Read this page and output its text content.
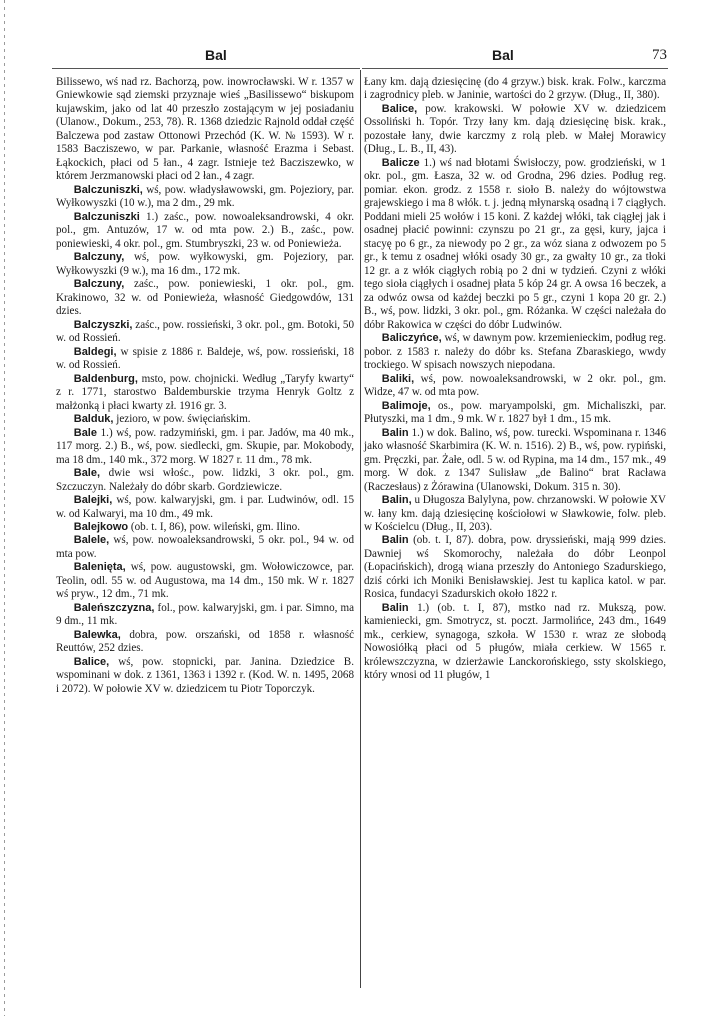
Bal	Bal	73

Bilissewo, wś nad rz. Bachorzą, pow. inowrocławski. W r. 1357 w Gniewkowie sąd ziemski przyznaje wieś „Basilissewo“ biskupom kujawskim, jako od lat 40 przeszło zostającym w jej posiadaniu (Ulanow., Dokum., 253, 78). R. 1368 dziedzic Rajnold oddał część Balczewa pod zastaw Ottonowi Przechód (K. W. № 1593). W r. 1583 Bacziszewo, w par. Parkanie, własność Erazma i Sebast. Łąkockich, płaci od 5 łan., 4 zagr. Istnieje też Bacziszewko, w którem Jerzmanowski płaci od 2 łan., 4 zagr.

Balczuniszki, wś, pow. władysławowski, gm. Pojeziory, par. Wyłkowyszki (10 w.), ma 2 dm., 29 mk.

Balczuniszki 1.) zaśc., pow. nowoaleksandrowski, 4 okr. pol., gm. Antuzów, 17 w. od mta pow. 2.) B., zaśc., pow. poniewieski, 4 okr. pol., gm. Stumbryszki, 23 w. od Poniewieża.

Balczuny, wś, pow. wyłkowyski, gm. Pojeziory, par. Wyłkowyszki (9 w.), ma 16 dm., 172 mk.

Balczuny, zaśc., pow. poniewieski, 1 okr. pol., gm. Krakinowo, 32 w. od Poniewieża, własność Giedgowdów, 131 dzies.

Balczyszki, zaśc., pow. rossieński, 3 okr. pol., gm. Botoki, 50 w. od Rossień.

Baldegi, w spisie z 1886 r. Baldeje, wś, pow. rossieński, 18 w. od Rossień.

Baldenburg, msto, pow. chojnicki. Według „Taryfy kwarty“ z r. 1771, starostwo Baldemburskie trzyma Henryk Goltz z małżonką i płaci kwarty zł. 1916 gr. 3.

Balduk, jezioro, w pow. święciańskim.

Bale 1.) wś, pow. radzymiński, gm. i par. Jadów, ma 40 mk., 117 morg. 2.) B., wś, pow. siedlecki, gm. Skupie, par. Mokobody, ma 18 dm., 140 mk., 372 morg. W 1827 r. 11 dm., 78 mk.

Bale, dwie wsi włośc., pow. lidzki, 3 okr. pol., gm. Szczuczyn. Należały do dóbr skarb. Gordziewicze.

Balejki, wś, pow. kalwaryjski, gm. i par. Ludwinów, odl. 15 w. od Kalwaryi, ma 10 dm., 49 mk.

Balejkowo (ob. t. I, 86), pow. wileński, gm. Ilino.

Balele, wś, pow. nowoaleksandrowski, 5 okr. pol., 94 w. od mta pow.

Balenięta, wś, pow. augustowski, gm. Wołowiczowce, par. Teolin, odl. 55 w. od Augustowa, ma 14 dm., 150 mk. W r. 1827 wś pryw., 12 dm., 71 mk.

Baleńszczyzna, fol., pow. kalwaryjski, gm. i par. Simno, ma 9 dm., 11 mk.

Balewka, dobra, pow. orszański, od 1858 r. własność Reuttów, 252 dzies.

Balice, wś, pow. stopnicki, par. Janina. Dziedzice B. wspominani w dok. z 1361, 1363 i 1392 r. (Kod. W. n. 1495, 2068 i 2072). W połowie XV w. dziedzicem tu Piotr Toporczyk.

Łany km. dają dziesięcinę (do 4 grzyw.) bisk. krak. Folw., karczma i zagrodnicy pleb. w Janinie, wartości do 2 grzyw. (Dług., II, 380).

Balice, pow. krakowski. W połowie XV w. dziedzicem Ossoliński h. Topór. Trzy łany km. dają dziesięcinę bisk. krak., pozostałe łany, dwie karczmy z rolą pleb. w Małej Morawicy (Dług., L. B., II, 43).

Balicze 1.) wś nad błotami Świsłoczy, pow. grodzieński, w 1 okr. pol., gm. Łasza, 32 w. od Grodna, 296 dzies. Podług reg. pomiar. ekon. grodz. z 1558 r. sioło B. należy do wójtowstwa grajewskiego i ma 8 włók. t. j. jedną młynarską osadną i 7 ciągłych. Poddani mieli 25 wołów i 15 koni. Z każdej włóki, tak ciągłej jak i osadnej płacić powinni: czynszu po 21 gr., za gęsi, kury, jajca i stacyę po 6 gr., za niewody po 2 gr., za wóz siana z odwozem po 5 gr., k temu z osadnej włóki osady 30 gr., za gwałty 10 gr., za tłoki 12 gr. a z włók ciągłych robią po 2 dni w tydzień. Czyni z włóki tego sioła ciągłych i osadnej płata 5 kóp 24 gr. A owsa 16 beczek, a za odwóz owsa od każdej beczki po 5 gr., czyni 1 kopa 20 gr. 2.) B., wś, pow. lidzki, 3 okr. pol., gm. Różanka. W części należała do dóbr Rakowica w części do dóbr Ludwinów.

Baliczyńce, wś, w dawnym pow. krzemienieckim, podług reg. pobor. z 1583 r. należy do dóbr ks. Stefana Zbaraskiego, wwdy trockiego. W spisach nowszych niepodana.

Baliki, wś, pow. nowoaleksandrowski, w 2 okr. pol., gm. Widze, 47 w. od mta pow.

Balimoje, os., pow. maryampolski, gm. Michaliszki, par. Płutyszki, ma 1 dm., 9 mk. W r. 1827 był 1 dm., 15 mk.

Balin 1.) w dok. Balino, wś, pow. turecki. Wspominana r. 1346 jako własność Skarbimira (K. W. n. 1516). 2) B., wś, pow. rypiński, gm. Pręczki, par. Żałe, odl. 5 w. od Rypina, ma 14 dm., 157 mk., 49 morg. W dok. z 1347 Sulisław „de Balino“ brat Racława (Raczesłaus) z Żórawina (Ulanowski, Dokum. 315 n. 30).

Balin, u Długosza Balylyna, pow. chrzanowski. W połowie XV w. łany km. dają dziesięcinę kościołowi w Sławkowie, folw. pleb. w Kościelcu (Dług., II, 203).

Balin (ob. t. I, 87). dobra, pow. dryssieński, mają 999 dzies. Dawniej wś Skomorochy, należała do dóbr Leonpol (Łopacińskich), drogą wiana przeszły do Antoniego Szadurskiego, dziś córki ich Moniki Benisławskiej. Jest tu kaplica katol. w par. Rosica, fundacyi Szadurskich około 1822 r.

Balin 1.) (ob. t. I, 87), mstko nad rz. Mukszą, pow. kamieniecki, gm. Smotrycz, st. poczt. Jarmolińce, 243 dm., 1649 mk., cerkiew, synagoga, szkoła. W 1530 r. wraz ze słobodą Nowosiółką płaci od 5 pługów, miała cerkiew. W 1565 r. królewszczyzna, w dzierżawie Lanckorońskiego, ssty skolskiego, który wnosi od 11 pługów, 1
